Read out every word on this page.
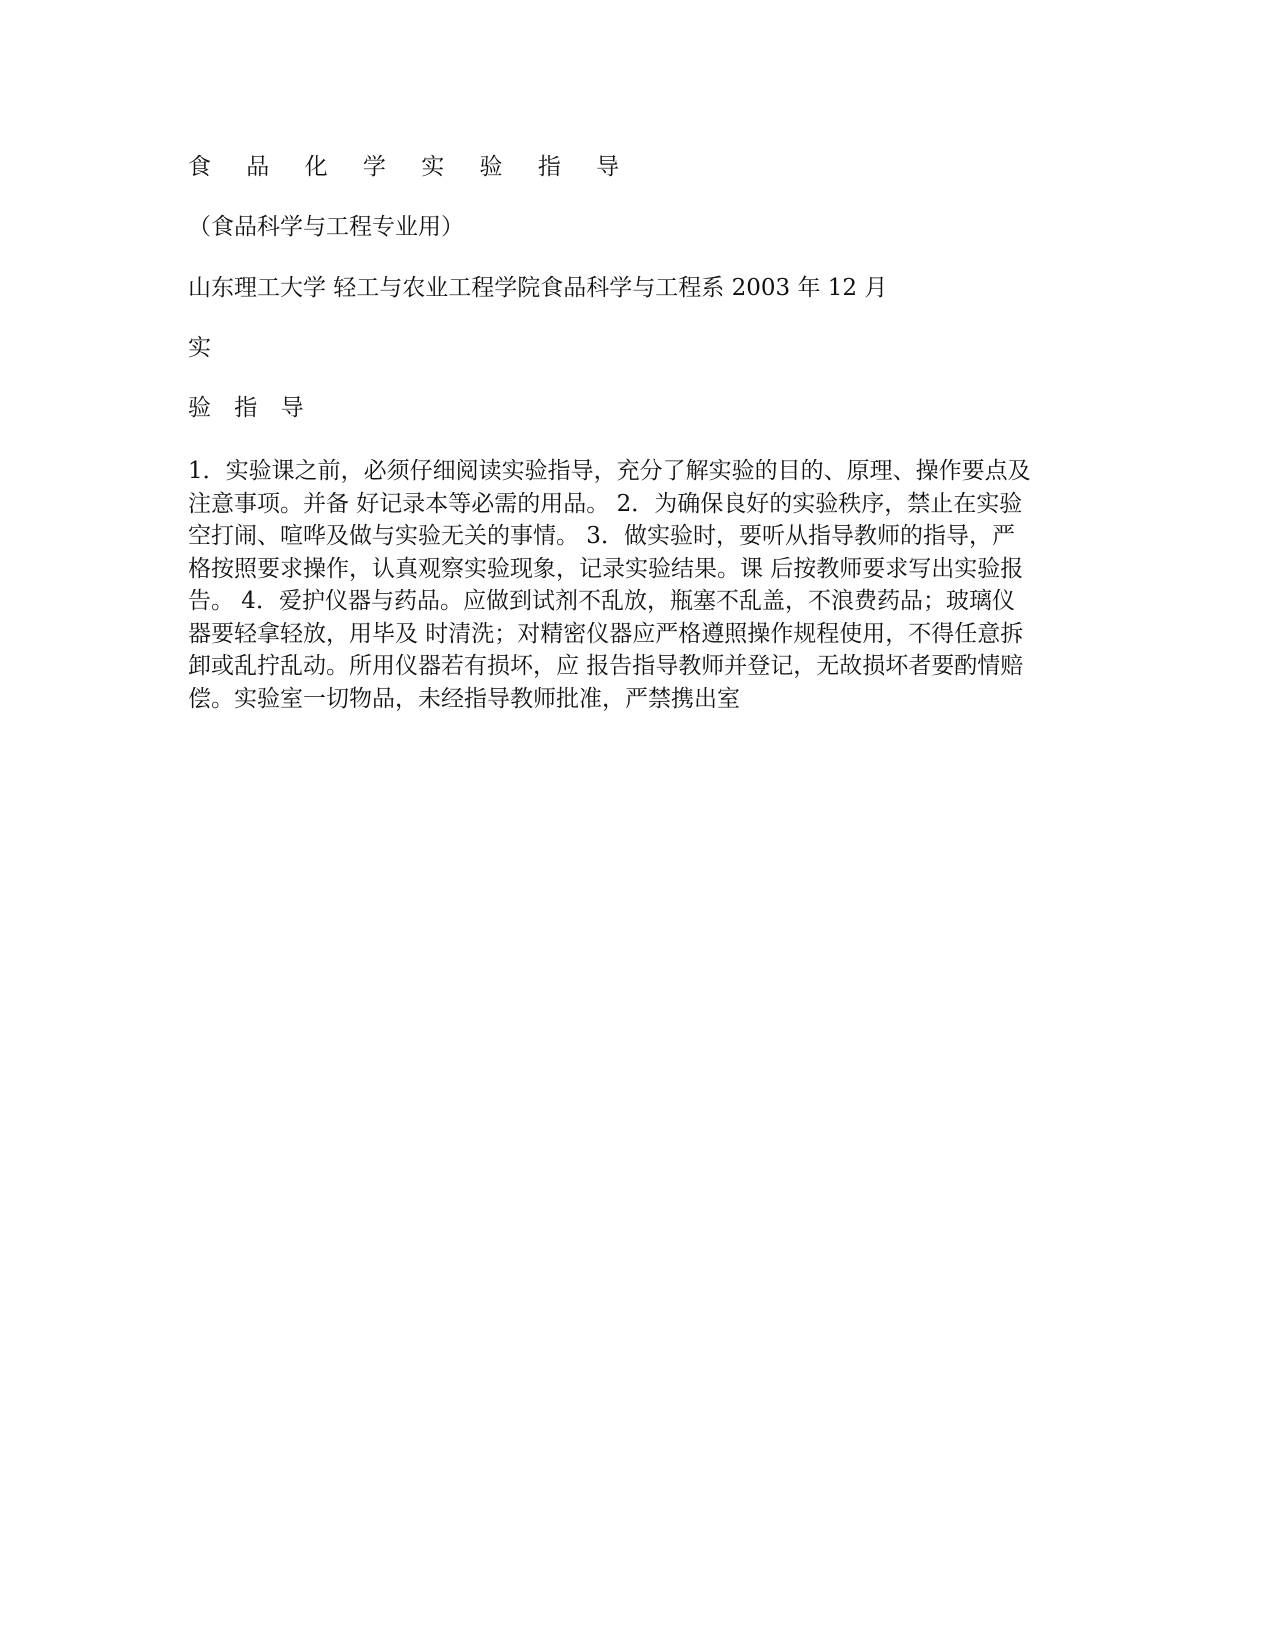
食 品 化 学 实 验 指 导
（食品科学与工程专业用）
山东理工大学 轻工与农业工程学院食品科学与工程系 2003 年 12 月
实
验 指 导
1．实验课之前，必须仔细阅读实验指导，充分了解实验的目的、原理、操作要点及
注意事项。并备 好记录本等必需的用品。 2．为确保良好的实验秩序，禁止在实验
空打闹、喧哗及做与实验无关的事情。 3．做实验时，要听从指导教师的指导，严
格按照要求操作，认真观察实验现象，记录实验结果。课 后按教师要求写出实验报
告。 4．爱护仪器与药品。应做到试剂不乱放，瓶塞不乱盖，不浪费药品；玻璃仪
器要轻拿轻放，用毕及 时清洗；对精密仪器应严格遵照操作规程使用，不得任意拆
卸或乱拧乱动。所用仪器若有损坏，应 报告指导教师并登记，无故损坏者要酌情赔
偿。实验室一切物品，未经指导教师批准，严禁携出室
